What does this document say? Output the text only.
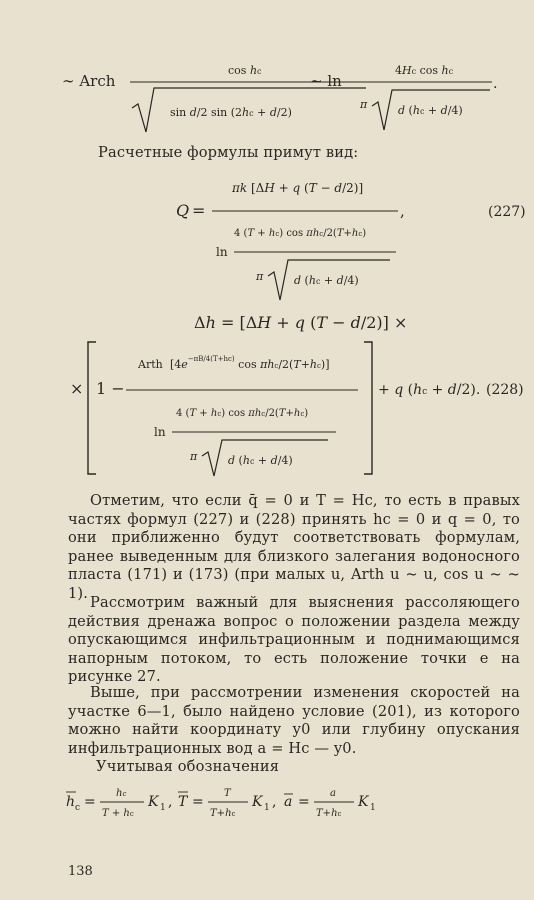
∼ Arch
cos hc
sin d/2 sin (2hc + d/2)
∼ ln
4Hc cos hc
π	d (hc + d/4)
.
Расчетные формулы примут вид:
Q =
πk [ΔH + q (T − d/2)]
4 (T + hc) cos πhc/2(T+hc)
ln
π	d (hc + d/4)
,	(227)
Δh = [ΔH + q (T − d/2)] ×
× 1 −
Arth [$4e^{-\pi B/4(T+hc)}$ cos πhc/2(T+hc)]
4 (T + hc) cos πhc/2(T+hc)
ln
π	d (hc + d/4)
+ q (hc + d/2). (228)
Отметим, что если q̄ = 0 и T = Hc, то есть в правых частях формул (227) и (228) принять hc = 0 и q = 0, то они приближенно будут соответствовать формулам, ранее выведенным для близкого залегания водоносного пласта (171) и (173) (при малых u, Arth u ~ u, cos u ~ ~ 1).
Рассмотрим важный для выяснения рассоляющего действия дренажа вопрос о положении раздела между опускающимся инфильтрационным и поднимающимся напорным потоком, то есть положение точки e на рисунке 27.
Выше, при рассмотрении изменения скоростей на участке 6—1, было найдено условие (201), из которого можно найти координату y0 или глубину опускания инфильтрационных вод a = Hc — y0.
Учитывая обозначения
h c =
hc
T + hc
K 1 , T =
T
T+hc
K 1 , a =
a
T+hc
K 1
138
